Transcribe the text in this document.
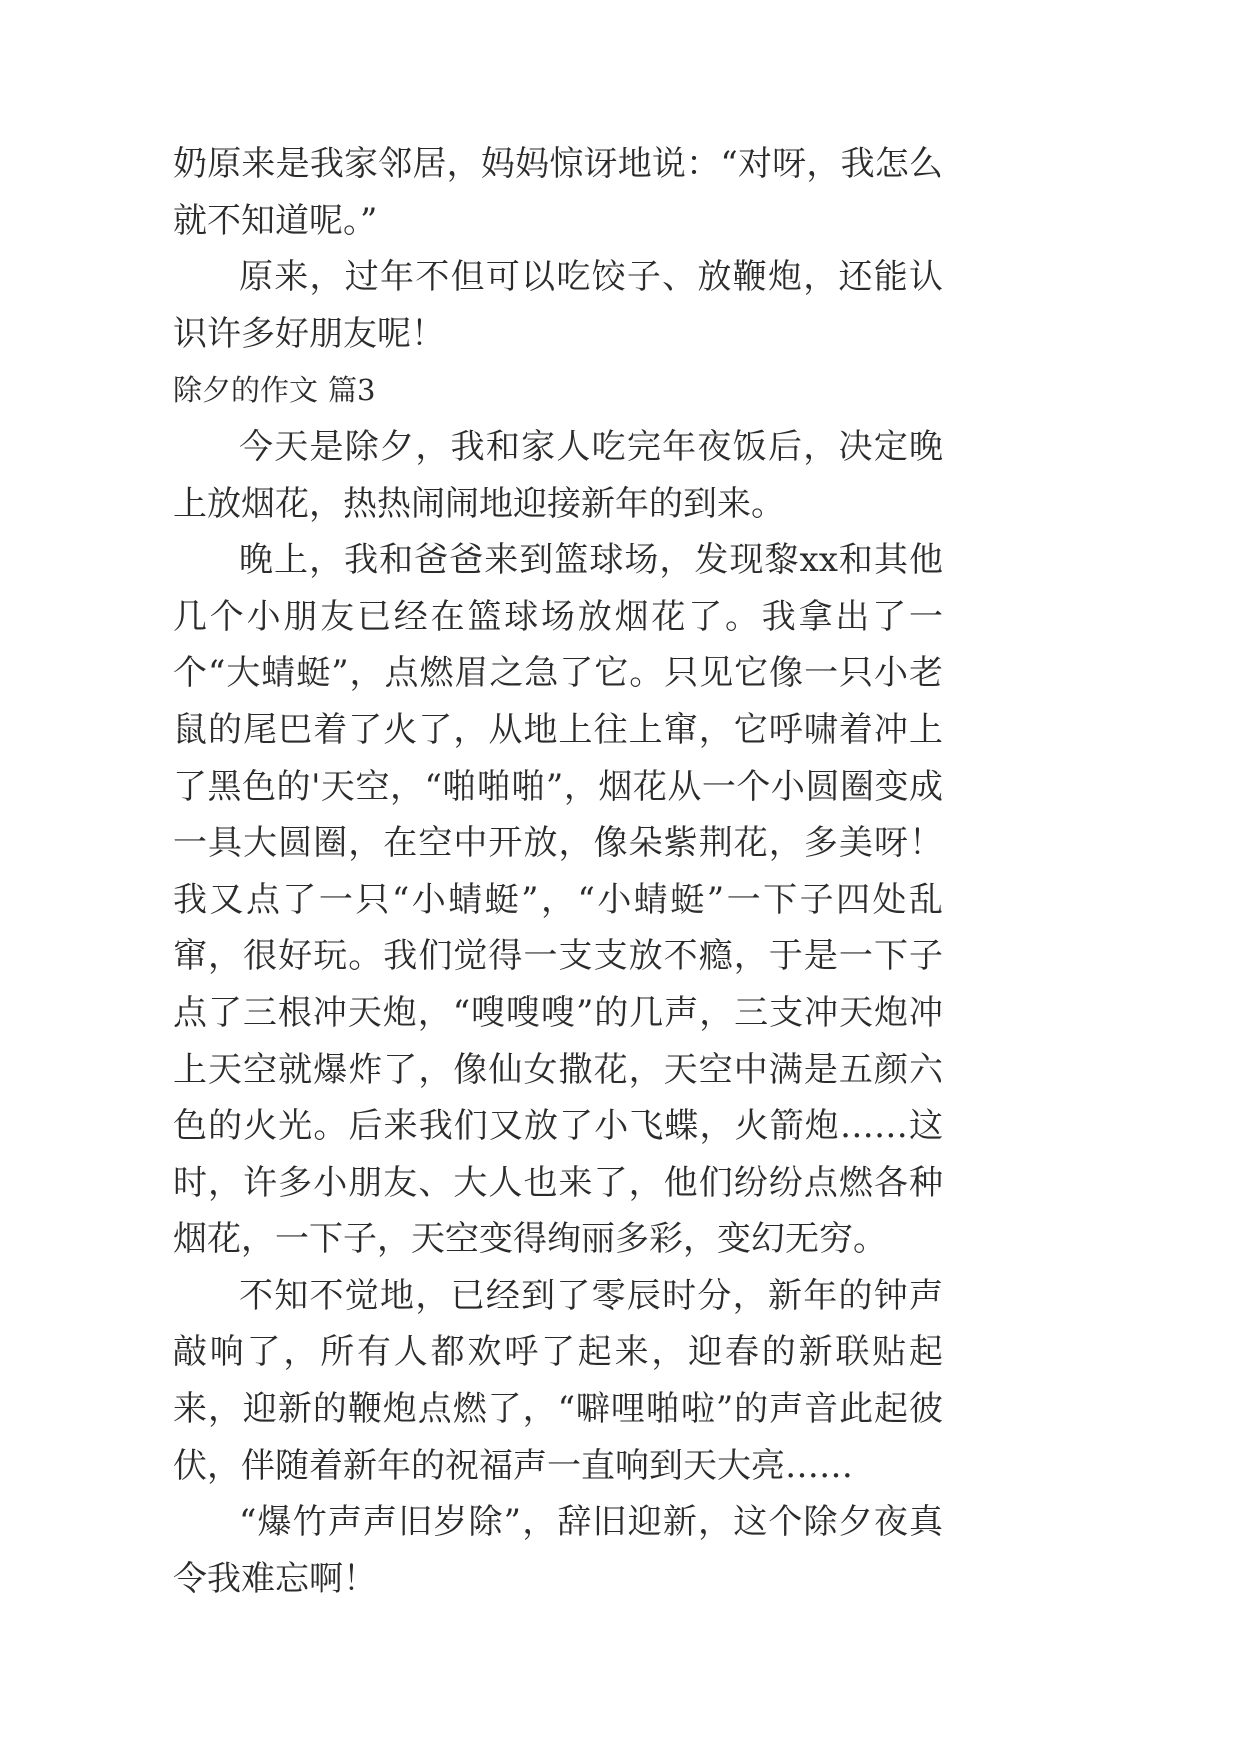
奶原来是我家邻居，妈妈惊讶地说：“对呀，我怎么就不知道呢。”

原来，过年不但可以吃饺子、放鞭炮，还能认识许多好朋友呢！

除夕的作文 篇3

今天是除夕，我和家人吃完年夜饭后，决定晚上放烟花，热热闹闹地迎接新年的到来。

晚上，我和爸爸来到篮球场，发现黎xx和其他几个小朋友已经在篮球场放烟花了。我拿出了一个“大蜻蜓”，点燃眉之急了它。只见它像一只小老鼠的尾巴着了火了，从地上往上窜，它呼啸着冲上了黑色的'天空，“啪啪啪”，烟花从一个小圆圈变成一具大圆圈，在空中开放，像朵紫荆花，多美呀！我又点了一只“小蜻蜓”，“小蜻蜓”一下子四处乱窜，很好玩。我们觉得一支支放不瘾，于是一下子点了三根冲天炮，“嗖嗖嗖”的几声，三支冲天炮冲上天空就爆炸了，像仙女撒花，天空中满是五颜六色的火光。后来我们又放了小飞蝶，火箭炮……这时，许多小朋友、大人也来了，他们纷纷点燃各种烟花，一下子，天空变得绚丽多彩，变幻无穷。

不知不觉地，已经到了零辰时分，新年的钟声敲响了，所有人都欢呼了起来，迎春的新联贴起来，迎新的鞭炮点燃了，“噼哩啪啦”的声音此起彼伏，伴随着新年的祝福声一直响到天大亮……

“爆竹声声旧岁除”，辞旧迎新，这个除夕夜真令我难忘啊！
